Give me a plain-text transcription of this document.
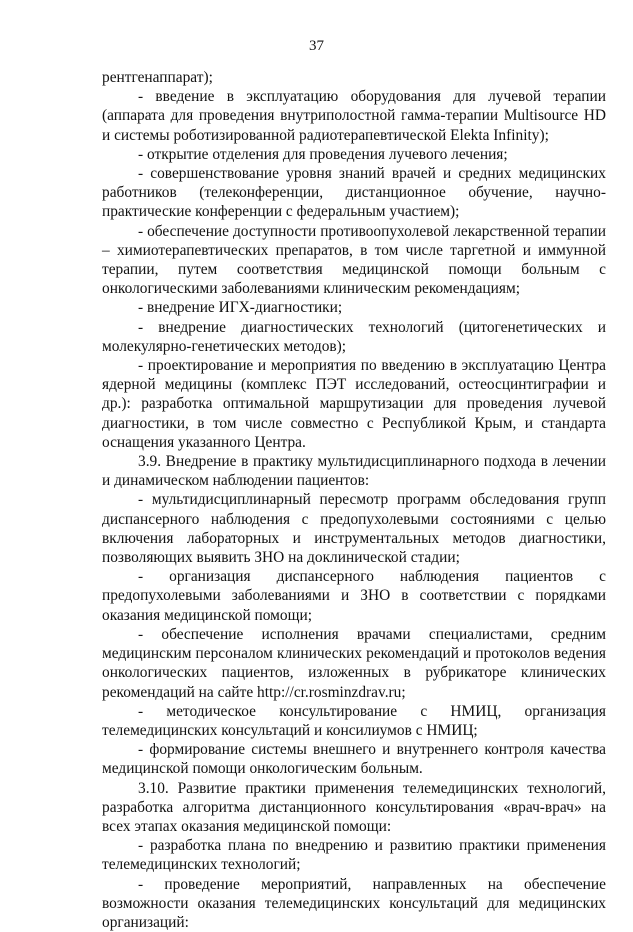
37

рентгенаппарат);

- введение в эксплуатацию оборудования для лучевой терапии (аппарата для проведения внутриполостной гамма-терапии Multisource HD и системы роботизированной радиотерапевтической Elekta Infinity);

- открытие отделения для проведения лучевого лечения;

- совершенствование уровня знаний врачей и средних медицинских работников (телеконференции, дистанционное обучение, научно-практические конференции с федеральным участием);

- обеспечение доступности противоопухолевой лекарственной терапии – химиотерапевтических препаратов, в том числе таргетной и иммунной терапии, путем соответствия медицинской помощи больным с онкологическими заболеваниями клиническим рекомендациям;

- внедрение ИГХ-диагностики;

- внедрение диагностических технологий (цитогенетических и молекулярно-генетических методов);

- проектирование и мероприятия по введению в эксплуатацию Центра ядерной медицины (комплекс ПЭТ исследований, остеосцинтиграфии и др.): разработка оптимальной маршрутизации для проведения лучевой диагностики, в том числе совместно с Республикой Крым, и стандарта оснащения указанного Центра.

3.9. Внедрение в практику мультидисциплинарного подхода в лечении и динамическом наблюдении пациентов:

- мультидисциплинарный пересмотр программ обследования групп диспансерного наблюдения с предопухолевыми состояниями с целью включения лабораторных и инструментальных методов диагностики, позволяющих выявить ЗНО на доклинической стадии;

- организация диспансерного наблюдения пациентов с предопухолевыми заболеваниями и ЗНО в соответствии с порядками оказания медицинской помощи;

- обеспечение исполнения врачами специалистами, средним медицинским персоналом клинических рекомендаций и протоколов ведения онкологических пациентов, изложенных в рубрикаторе клинических рекомендаций на сайте http://cr.rosminzdrav.ru;

- методическое консультирование с НМИЦ, организация телемедицинских консультаций и консилиумов с НМИЦ;

- формирование системы внешнего и внутреннего контроля качества медицинской помощи онкологическим больным.

3.10. Развитие практики применения телемедицинских технологий, разработка алгоритма дистанционного консультирования «врач-врач» на всех этапах оказания медицинской помощи:

- разработка плана по внедрению и развитию практики применения телемедицинских технологий;

- проведение мероприятий, направленных на обеспечение возможности оказания телемедицинских консультаций для медицинских организаций:
